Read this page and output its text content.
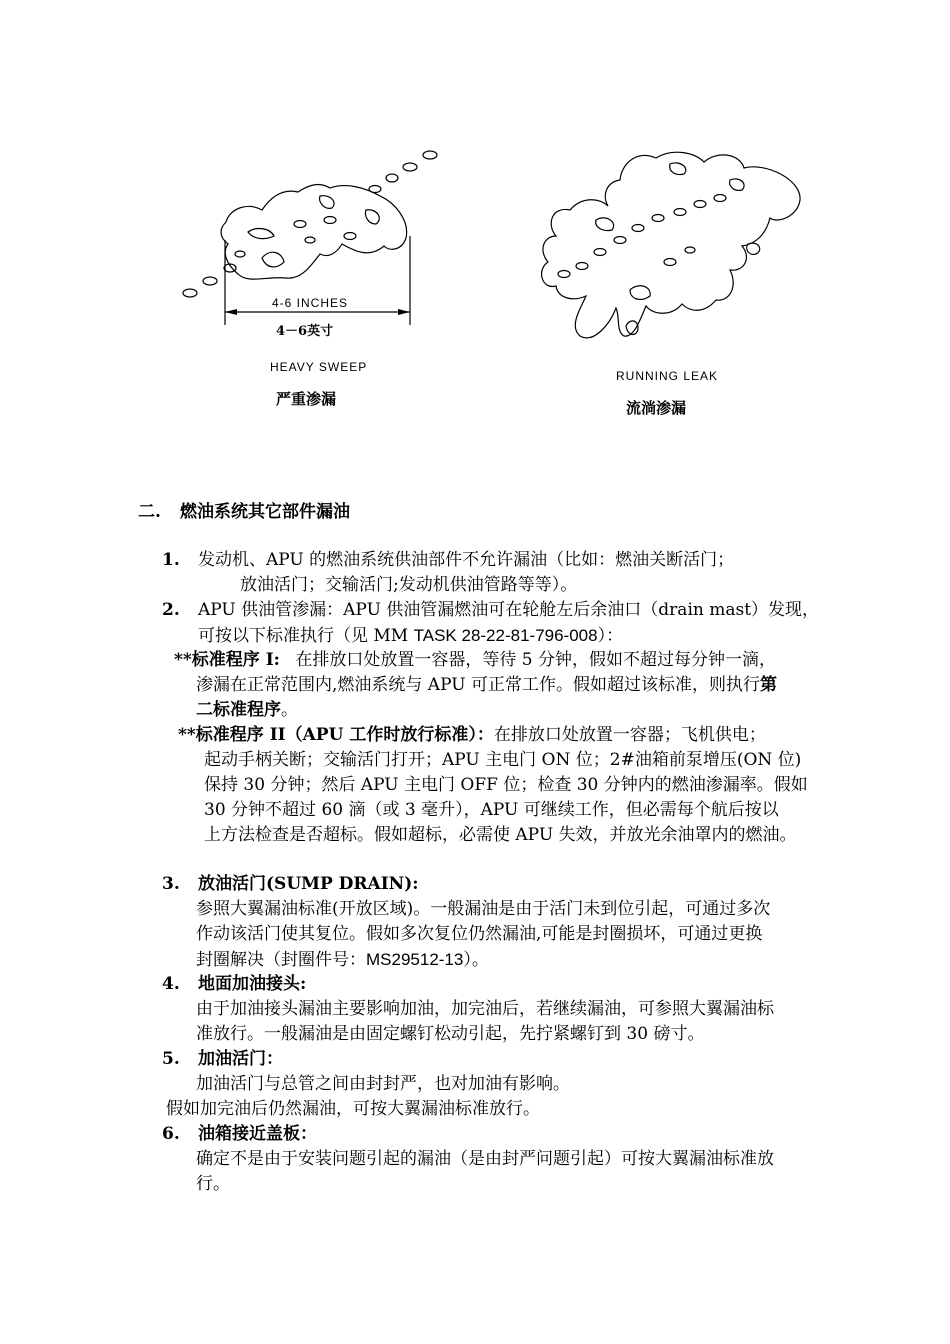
4-6 INCHES
4－6英寸
HEAVY SWEEP
严重渗漏
RUNNING LEAK
流淌渗漏
二. 燃油系统其它部件漏油
1. 发动机、APU 的燃油系统供油部件不允许漏油（比如：燃油关断活门；
放油活门；交输活门;发动机供油管路等等）。
2. APU 供油管渗漏：APU 供油管漏燃油可在轮舱左后余油口（drain mast）发现，
可按以下标准执行（见 MM TASK 28-22-81-796-008）：
**标准程序 I: 在排放口处放置一容器，等待 5 分钟，假如不超过每分钟一滴，
渗漏在正常范围内,燃油系统与 APU 可正常工作。假如超过该标准，则执行第
二标准程序。
**标准程序 II（APU 工作时放行标准）：在排放口处放置一容器；飞机供电；
起动手柄关断；交输活门打开；APU 主电门 ON 位；2#油箱前泵增压(ON 位)
保持 30 分钟；然后 APU 主电门 OFF 位；检查 30 分钟内的燃油渗漏率。假如
30 分钟不超过 60 滴（或 3 毫升），APU 可继续工作，但必需每个航后按以
上方法检查是否超标。假如超标，必需使 APU 失效，并放光余油罩内的燃油。
3. 放油活门(SUMP DRAIN):
参照大翼漏油标准(开放区域)。一般漏油是由于活门未到位引起，可通过多次
作动该活门使其复位。假如多次复位仍然漏油,可能是封圈损坏，可通过更换
封圈解决（封圈件号：MS29512-13）。
4. 地面加油接头:
由于加油接头漏油主要影响加油，加完油后，若继续漏油，可参照大翼漏油标
准放行。一般漏油是由固定螺钉松动引起，先拧紧螺钉到 30 磅寸。
5. 加油活门：
加油活门与总管之间由封封严，也对加油有影响。
假如加完油后仍然漏油，可按大翼漏油标准放行。
6. 油箱接近盖板：
确定不是由于安装问题引起的漏油（是由封严问题引起）可按大翼漏油标准放
行。
